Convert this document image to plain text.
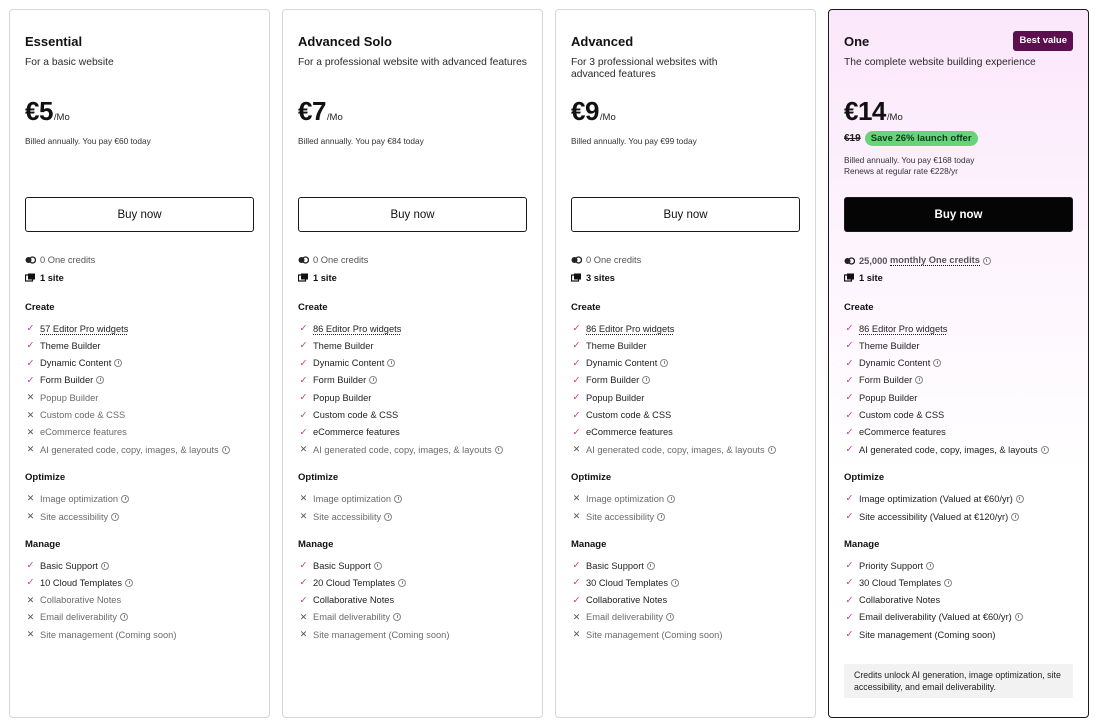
Essential
For a basic website
€5 /Mo
Billed annually. You pay €60 today
Buy now
0 One credits
1 site
Create
✓ 57 Editor Pro widgets
✓ Theme Builder
✓ Dynamic Content
✓ Form Builder
✕ Popup Builder
✕ Custom code & CSS
✕ eCommerce features
✕ AI generated code, copy, images, & layouts
Optimize
✕ Image optimization
✕ Site accessibility
Manage
✓ Basic Support
✓ 10 Cloud Templates
✕ Collaborative Notes
✕ Email deliverability
✕ Site management (Coming soon)
Advanced Solo
For a professional website with advanced features
€7 /Mo
Billed annually. You pay €84 today
Buy now
0 One credits
1 site
Create
✓ 86 Editor Pro widgets
✓ Theme Builder
✓ Dynamic Content
✓ Form Builder
✓ Popup Builder
✓ Custom code & CSS
✓ eCommerce features
✕ AI generated code, copy, images, & layouts
Optimize
✕ Image optimization
✕ Site accessibility
Manage
✓ Basic Support
✓ 20 Cloud Templates
✓ Collaborative Notes
✕ Email deliverability
✕ Site management (Coming soon)
Advanced
For 3 professional websites with advanced features
€9 /Mo
Billed annually. You pay €99 today
Buy now
0 One credits
3 sites
Create
✓ 86 Editor Pro widgets
✓ Theme Builder
✓ Dynamic Content
✓ Form Builder
✓ Popup Builder
✓ Custom code & CSS
✓ eCommerce features
✕ AI generated code, copy, images, & layouts
Optimize
✕ Image optimization
✕ Site accessibility
Manage
✓ Basic Support
✓ 30 Cloud Templates
✓ Collaborative Notes
✕ Email deliverability
✕ Site management (Coming soon)
One	Best value
The complete website building experience
€14 /Mo
€19	Save 26% launch offer
Billed annually. You pay €168 today
Renews at regular rate €228/yr
Buy now
25,000
monthly One credits
1 site
Create
✓ 86 Editor Pro widgets
✓ Theme Builder
✓ Dynamic Content
✓ Form Builder
✓ Popup Builder
✓ Custom code & CSS
✓ eCommerce features
✓ AI generated code, copy, images, & layouts
Optimize
✓ Image optimization (Valued at €60/yr)
✓ Site accessibility (Valued at €120/yr)
Manage
✓ Priority Support
✓ 30 Cloud Templates
✓ Collaborative Notes
✓ Email deliverability (Valued at €60/yr)
✓ Site management (Coming soon)
Credits unlock AI generation, image optimization, site accessibility, and email deliverability.
